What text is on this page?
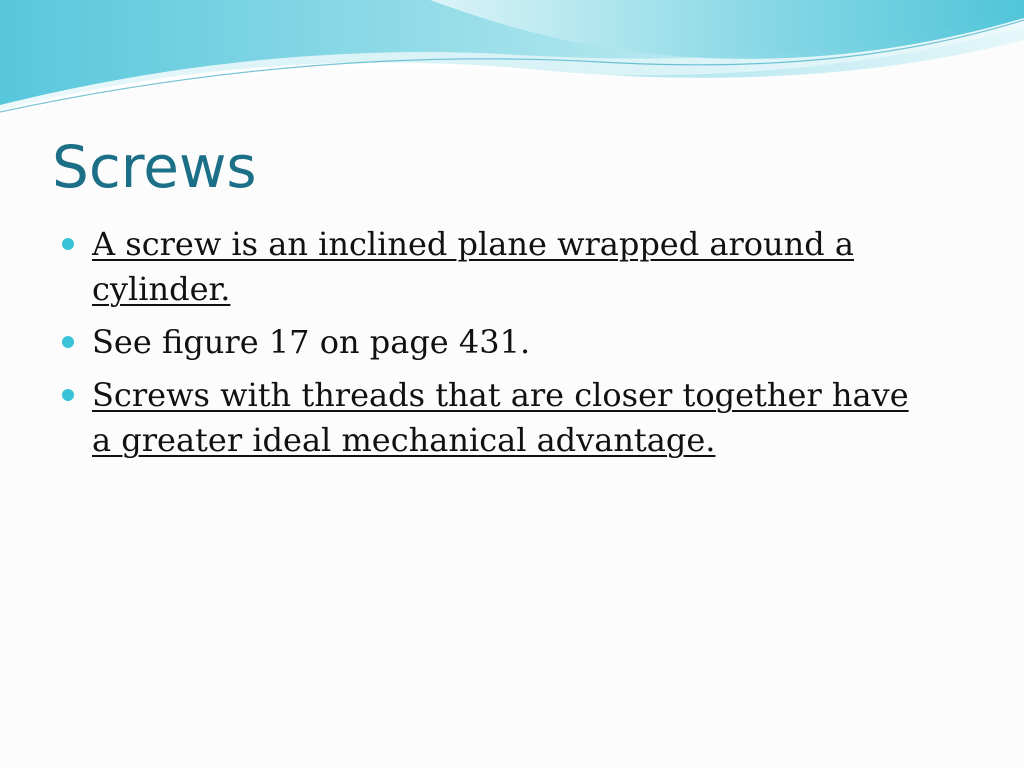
Screws
A screw is an inclined plane wrapped around a cylinder.
See figure 17 on page 431.
Screws with threads that are closer together have a greater ideal mechanical advantage.
